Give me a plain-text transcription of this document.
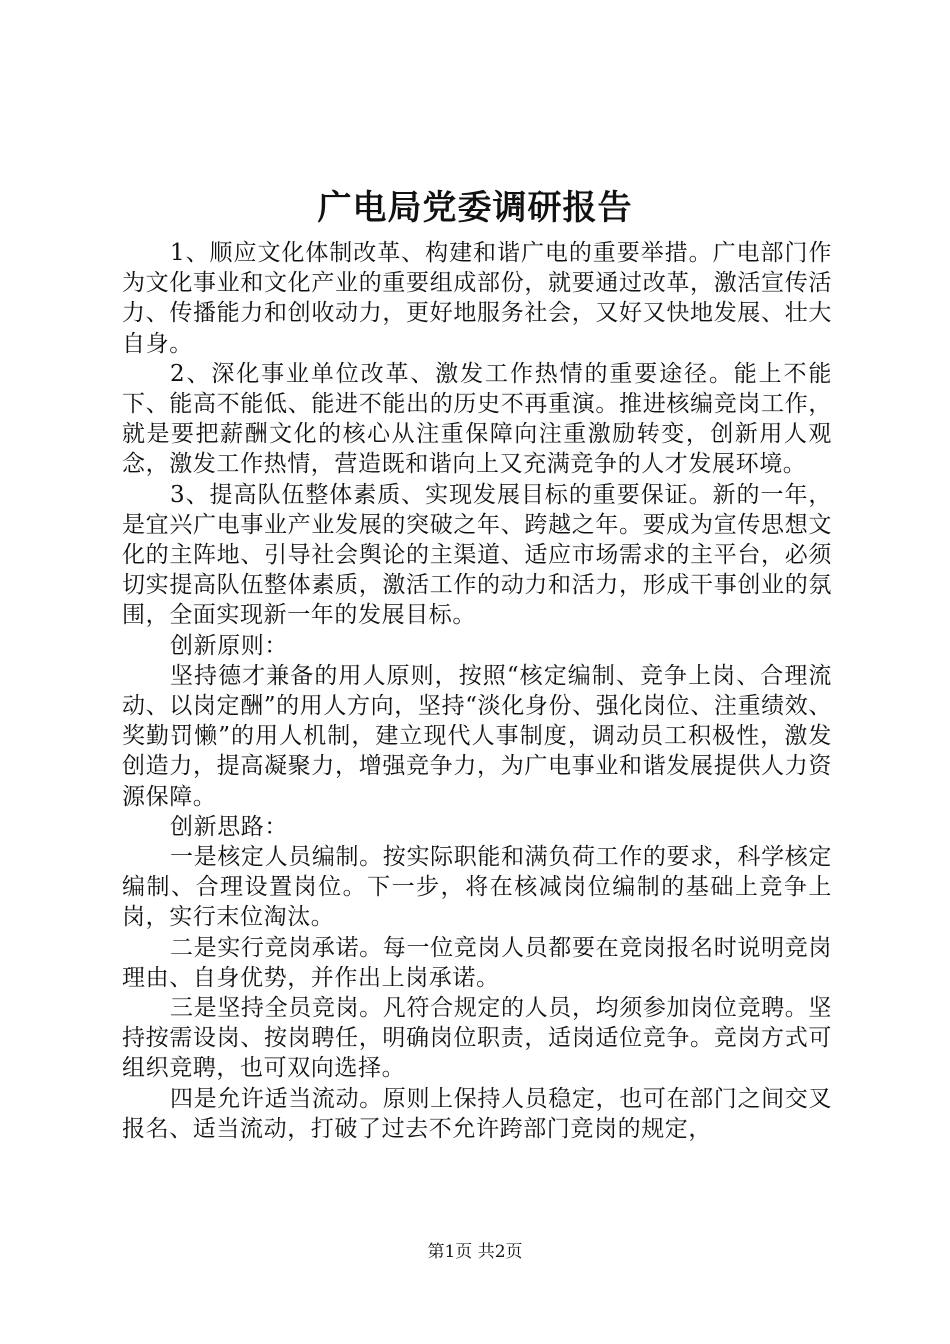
广电局党委调研报告

1、顺应文化体制改革、构建和谐广电的重要举措。广电部门作为文化事业和文化产业的重要组成部份，就要通过改革，激活宣传活力、传播能力和创收动力，更好地服务社会，又好又快地发展、壮大自身。

2、深化事业单位改革、激发工作热情的重要途径。能上不能下、能高不能低、能进不能出的历史不再重演。推进核编竞岗工作，就是要把薪酬文化的核心从注重保障向注重激励转变，创新用人观念，激发工作热情，营造既和谐向上又充满竞争的人才发展环境。

3、提高队伍整体素质、实现发展目标的重要保证。新的一年，是宜兴广电事业产业发展的突破之年、跨越之年。要成为宣传思想文化的主阵地、引导社会舆论的主渠道、适应市场需求的主平台，必须切实提高队伍整体素质，激活工作的动力和活力，形成干事创业的氛围，全面实现新一年的发展目标。

创新原则：

坚持德才兼备的用人原则，按照“核定编制、竞争上岗、合理流动、以岗定酬”的用人方向，坚持“淡化身份、强化岗位、注重绩效、奖勤罚懒”的用人机制，建立现代人事制度，调动员工积极性，激发创造力，提高凝聚力，增强竞争力，为广电事业和谐发展提供人力资源保障。

创新思路：

一是核定人员编制。按实际职能和满负荷工作的要求，科学核定编制、合理设置岗位。下一步，将在核减岗位编制的基础上竞争上岗，实行末位淘汰。

二是实行竞岗承诺。每一位竞岗人员都要在竞岗报名时说明竞岗理由、自身优势，并作出上岗承诺。

三是坚持全员竞岗。凡符合规定的人员，均须参加岗位竞聘。坚持按需设岗、按岗聘任，明确岗位职责，适岗适位竞争。竞岗方式可组织竞聘，也可双向选择。

四是允许适当流动。原则上保持人员稳定，也可在部门之间交叉报名、适当流动，打破了过去不允许跨部门竞岗的规定，

第1页 共2页
